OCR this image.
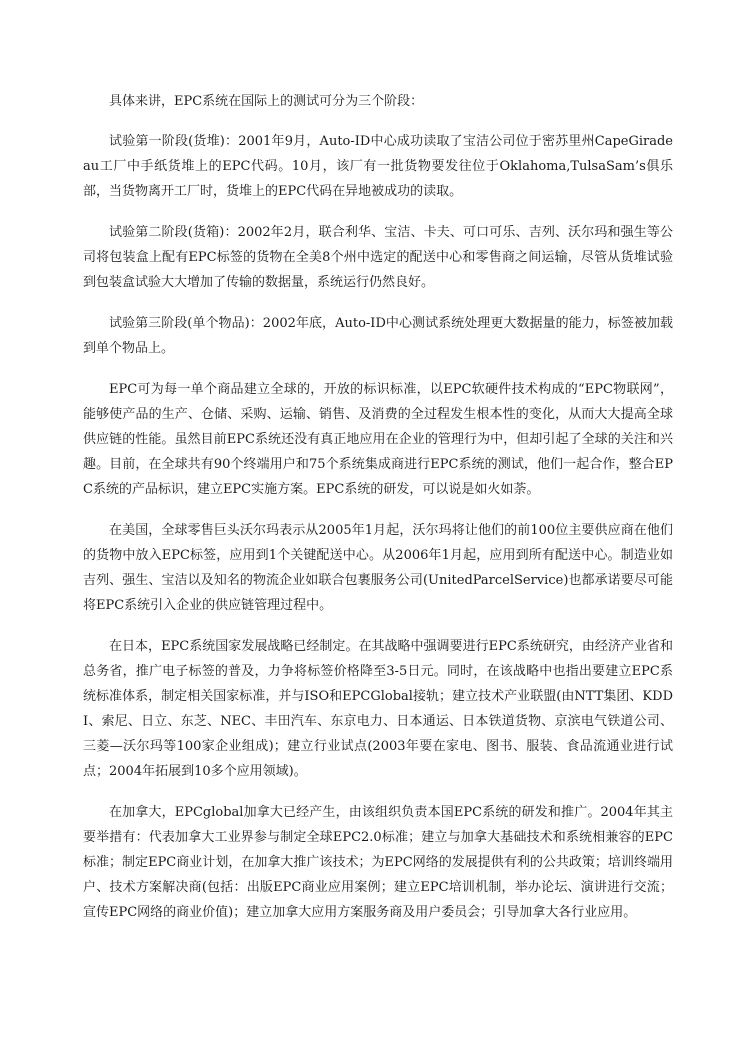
具体来讲，EPC系统在国际上的测试可分为三个阶段：

试验第一阶段(货堆)：2001年9月，Auto-ID中心成功读取了宝洁公司位于密苏里州CapeGiradeau工厂中手纸货堆上的EPC代码。10月，该厂有一批货物要发往位于Oklahoma,TulsaSam’s俱乐部，当货物离开工厂时，货堆上的EPC代码在异地被成功的读取。

试验第二阶段(货箱)：2002年2月，联合利华、宝洁、卡夫、可口可乐、吉列、沃尔玛和强生等公司将包装盒上配有EPC标签的货物在全美8个州中选定的配送中心和零售商之间运输，尽管从货堆试验到包装盒试验大大增加了传输的数据量，系统运行仍然良好。

试验第三阶段(单个物品)：2002年底，Auto-ID中心测试系统处理更大数据量的能力，标签被加载到单个物品上。

EPC可为每一单个商品建立全球的，开放的标识标准，以EPC软硬件技术构成的“EPC物联网”，能够使产品的生产、仓储、采购、运输、销售、及消费的全过程发生根本性的变化，从而大大提高全球供应链的性能。虽然目前EPC系统还没有真正地应用在企业的管理行为中，但却引起了全球的关注和兴趣。目前，在全球共有90个终端用户和75个系统集成商进行EPC系统的测试，他们一起合作，整合EPC系统的产品标识，建立EPC实施方案。EPC系统的研发，可以说是如火如荼。

在美国，全球零售巨头沃尔玛表示从2005年1月起，沃尔玛将让他们的前100位主要供应商在他们的货物中放入EPC标签，应用到1个关键配送中心。从2006年1月起，应用到所有配送中心。制造业如吉列、强生、宝洁以及知名的物流企业如联合包裹服务公司(UnitedParcelService)也都承诺要尽可能将EPC系统引入企业的供应链管理过程中。

在日本，EPC系统国家发展战略已经制定。在其战略中强调要进行EPC系统研究，由经济产业省和总务省，推广电子标签的普及，力争将标签价格降至3-5日元。同时，在该战略中也指出要建立EPC系统标准体系，制定相关国家标准，并与ISO和EPCGlobal接轨；建立技术产业联盟(由NTT集团、KDDI、索尼、日立、东芝、NEC、丰田汽车、东京电力、日本通运、日本铁道货物、京滨电气铁道公司、三菱—沃尔玛等100家企业组成)；建立行业试点(2003年要在家电、图书、服装、食品流通业进行试点；2004年拓展到10多个应用领域)。

在加拿大，EPCglobal加拿大已经产生，由该组织负责本国EPC系统的研发和推广。2004年其主要举措有：代表加拿大工业界参与制定全球EPC2.0标准；建立与加拿大基础技术和系统相兼容的EPC标准；制定EPC商业计划，在加拿大推广该技术；为EPC网络的发展提供有利的公共政策；培训终端用户、技术方案解决商(包括：出版EPC商业应用案例；建立EPC培训机制，举办论坛、演讲进行交流；宣传EPC网络的商业价值)；建立加拿大应用方案服务商及用户委员会；引导加拿大各行业应用。
